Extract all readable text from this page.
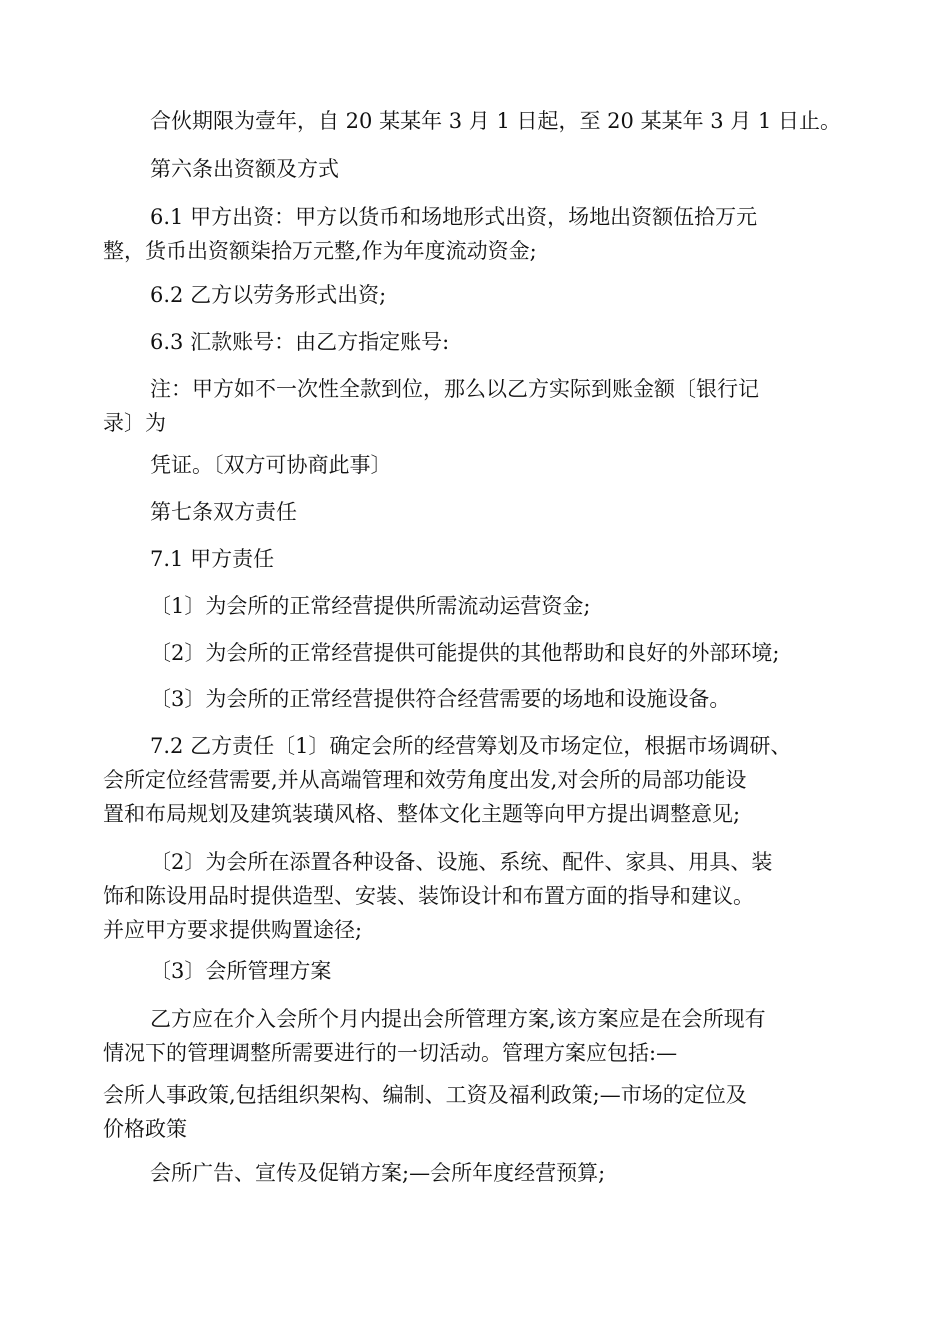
合伙期限为壹年，自 20 某某年 3 月 1 日起，至 20 某某年 3 月 1 日止。
第六条出资额及方式
6.1 甲方出资：甲方以货币和场地形式出资，场地出资额伍拾万元
整，货币出资额柒拾万元整,作为年度流动资金;
6.2 乙方以劳务形式出资;
6.3 汇款账号：由乙方指定账号:
注：甲方如不一次性全款到位，那么以乙方实际到账金额〔银行记
录〕为
凭证。〔双方可协商此事〕
第七条双方责任
7.1 甲方责任
〔1〕为会所的正常经营提供所需流动运营资金;
〔2〕为会所的正常经营提供可能提供的其他帮助和良好的外部环境;
〔3〕为会所的正常经营提供符合经营需要的场地和设施设备。
7.2 乙方责任〔1〕确定会所的经营筹划及市场定位，根据市场调研、
会所定位经营需要,并从高端管理和效劳角度出发,对会所的局部功能设
置和布局规划及建筑装璜风格、整体文化主题等向甲方提出调整意见;
〔2〕为会所在添置各种设备、设施、系统、配件、家具、用具、装
饰和陈设用品时提供造型、安装、装饰设计和布置方面的指导和建议。
并应甲方要求提供购置途径;
〔3〕会所管理方案
乙方应在介入会所个月内提出会所管理方案,该方案应是在会所现有
情况下的管理调整所需要进行的一切活动。管理方案应包括:—
会所人事政策,包括组织架构、编制、工资及福利政策;—市场的定位及
价格政策
会所广告、宣传及促销方案;—会所年度经营预算;
